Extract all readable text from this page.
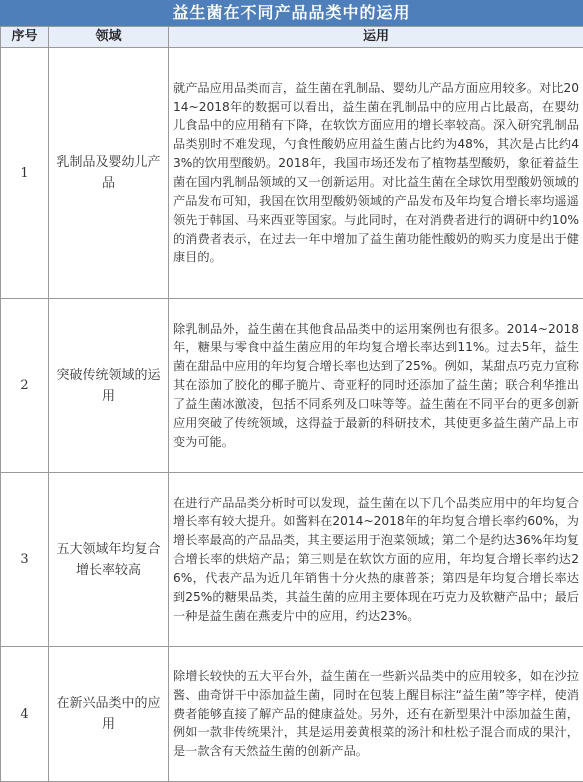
益生菌在不同产品品类中的运用
序号	领域	运用
1	乳制品及婴幼儿产品	就产品应用品类而言，益生菌在乳制品、婴幼儿产品方面应用较多。对比2014~2018年的数据可以看出，益生菌在乳制品中的应用占比最高，在婴幼儿食品中的应用稍有下降，在软饮方面应用的增长率较高。深入研究乳制品品类别时不难发现，勺食性酸奶应用益生菌占比约为48%，其次是占比约43%的饮用型酸奶。2018年，我国市场还发布了植物基型酸奶，象征着益生菌在国内乳制品领域的又一创新运用。对比益生菌在全球饮用型酸奶领域的产品发布可知，我国在饮用型酸奶领域的产品发布及年均复合增长率均遥遥领先于韩国、马来西亚等国家。与此同时，在对消费者进行的调研中约10%的消费者表示，在过去一年中增加了益生菌功能性酸奶的购买力度是出于健康目的。
2	突破传统领域的运用	除乳制品外，益生菌在其他食品品类中的运用案例也有很多。2014~2018年，糖果与零食中益生菌应用的年均复合增长率达到11%。过去5年，益生菌在甜品中应用的年均复合增长率也达到了25%。例如，某甜点巧克力宣称其在添加了胶化的椰子脆片、奇亚籽的同时还添加了益生菌；联合利华推出了益生菌冰激凌，包括不同系列及口味等等。益生菌在不同平台的更多创新应用突破了传统领域，这得益于最新的科研技术，其使更多益生菌产品上市变为可能。
3	五大领域年均复合增长率较高	在进行产品品类分析时可以发现，益生菌在以下几个品类应用中的年均复合增长率有较大提升。如酱料在2014~2018年的年均复合增长率约60%，为增长率最高的产品品类，其主要运用于泡菜领域；第二个是约达36%年均复合增长率的烘焙产品；第三则是在软饮方面的应用，年均复合增长率约达26%，代表产品为近几年销售十分火热的康普茶；第四是年均复合增长率达到25%的糖果品类，其益生菌的应用主要体现在巧克力及软糖产品中；最后一种是益生菌在燕麦片中的应用，约达23%。
4	在新兴品类中的应用	除增长较快的五大平台外，益生菌在一些新兴品类中的应用较多，如在沙拉酱、曲奇饼干中添加益生菌，同时在包装上醒目标注“益生菌”等字样，使消费者能够直接了解产品的健康益处。另外，还有在新型果汁中添加益生菌，例如一款非传统果汁，其是运用姜黄根菜的汤汁和杜松子混合而成的果汁，是一款含有天然益生菌的创新产品。
